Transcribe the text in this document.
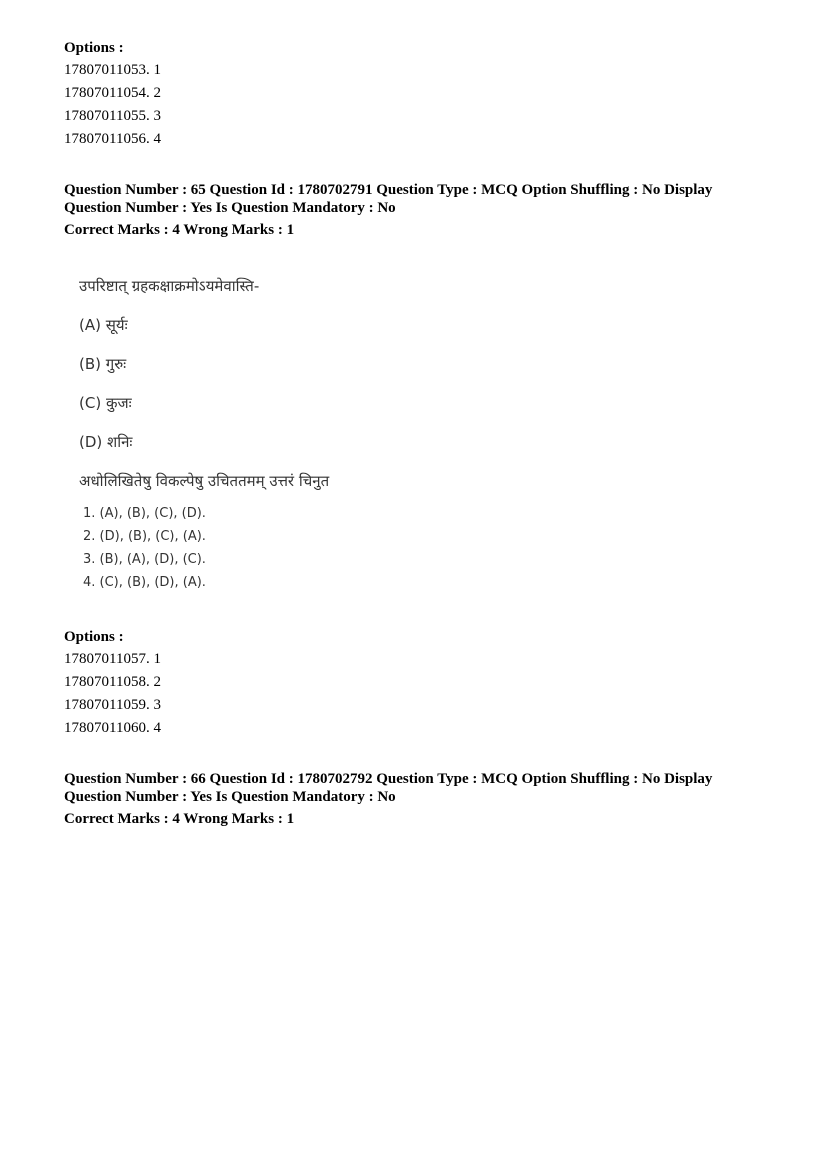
Options :
17807011053. 1
17807011054. 2
17807011055. 3
17807011056. 4
Question Number : 65 Question Id : 1780702791 Question Type : MCQ Option Shuffling : No Display
Question Number : Yes Is Question Mandatory : No
Correct Marks : 4 Wrong Marks : 1
उपरिष्टात् ग्रहकक्षाक्रमोऽयमेवास्ति-
(A) सूर्यः
(B) गुरुः
(C) कुजः
(D) शनिः
अधोलिखितेषु विकल्पेषु उचिततमम् उत्तरं चिनुत
1. (A), (B), (C), (D).
2. (D), (B), (C), (A).
3. (B), (A), (D), (C).
4. (C), (B), (D), (A).
Options :
17807011057. 1
17807011058. 2
17807011059. 3
17807011060. 4
Question Number : 66 Question Id : 1780702792 Question Type : MCQ Option Shuffling : No Display
Question Number : Yes Is Question Mandatory : No
Correct Marks : 4 Wrong Marks : 1
